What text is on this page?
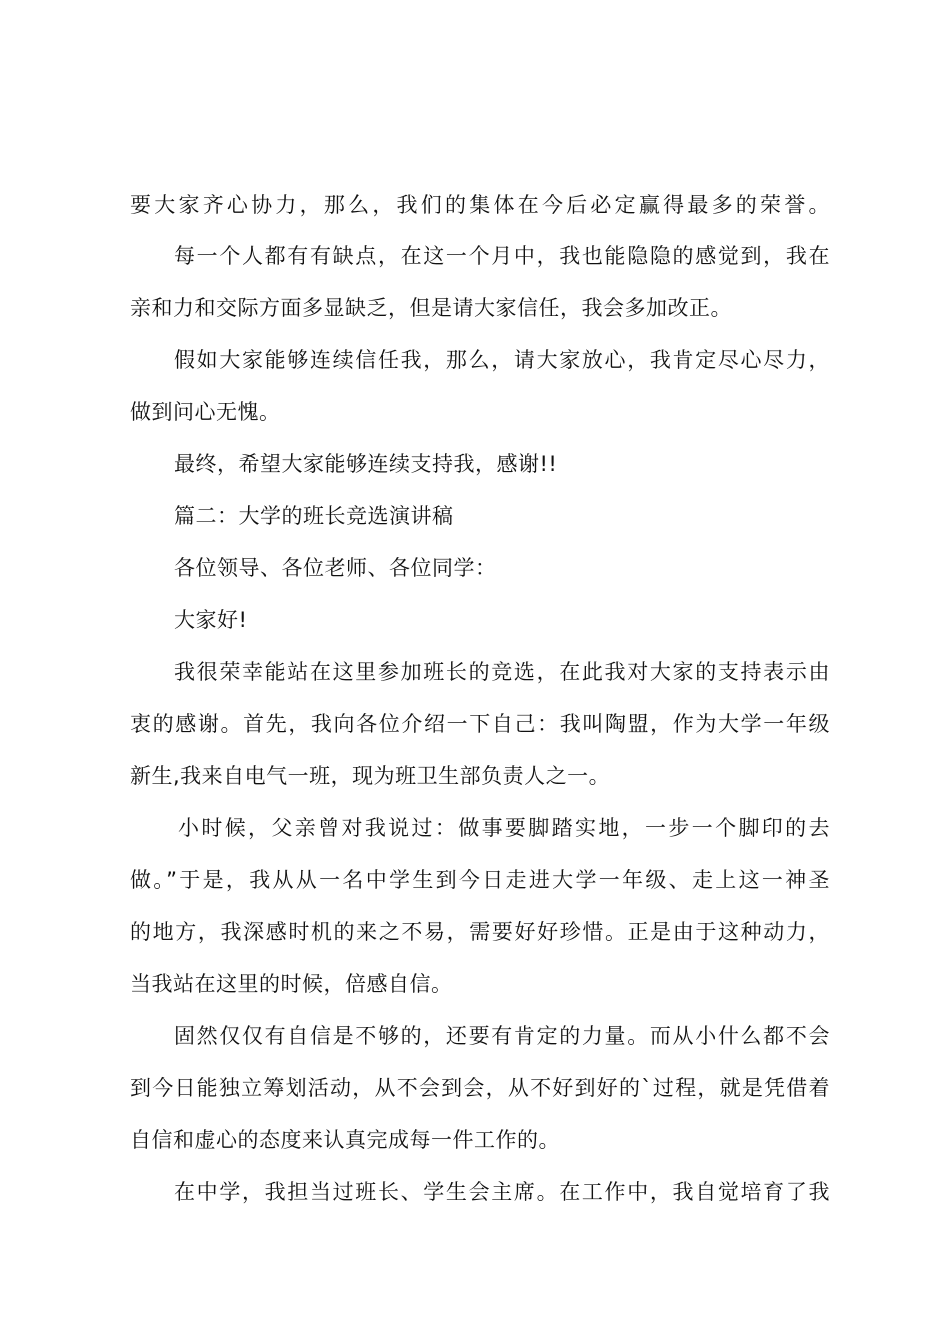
要大家齐心协力，那么，我们的集体在今后必定赢得最多的荣誉。
每一个人都有有缺点，在这一个月中，我也能隐隐的感觉到，我在
亲和力和交际方面多显缺乏，但是请大家信任，我会多加改正。
假如大家能够连续信任我，那么，请大家放心，我肯定尽心尽力，
做到问心无愧。
最终，希望大家能够连续支持我，感谢!!
篇二：大学的班长竞选演讲稿
各位领导、各位老师、各位同学：
大家好!
我很荣幸能站在这里参加班长的竞选，在此我对大家的支持表示由
衷的感谢。首先，我向各位介绍一下自己：我叫陶盟，作为大学一年级
新生,我来自电气一班，现为班卫生部负责人之一。
小时候，父亲曾对我说过：做事要脚踏实地，一步一个脚印的去
做。”于是，我从从一名中学生到今日走进大学一年级、走上这一神圣
的地方，我深感时机的来之不易，需要好好珍惜。正是由于这种动力，
当我站在这里的时候，倍感自信。
固然仅仅有自信是不够的，还要有肯定的力量。而从小什么都不会
到今日能独立筹划活动，从不会到会，从不好到好的`过程，就是凭借着
自信和虚心的态度来认真完成每一件工作的。
在中学，我担当过班长、学生会主席。在工作中，我自觉培育了我
